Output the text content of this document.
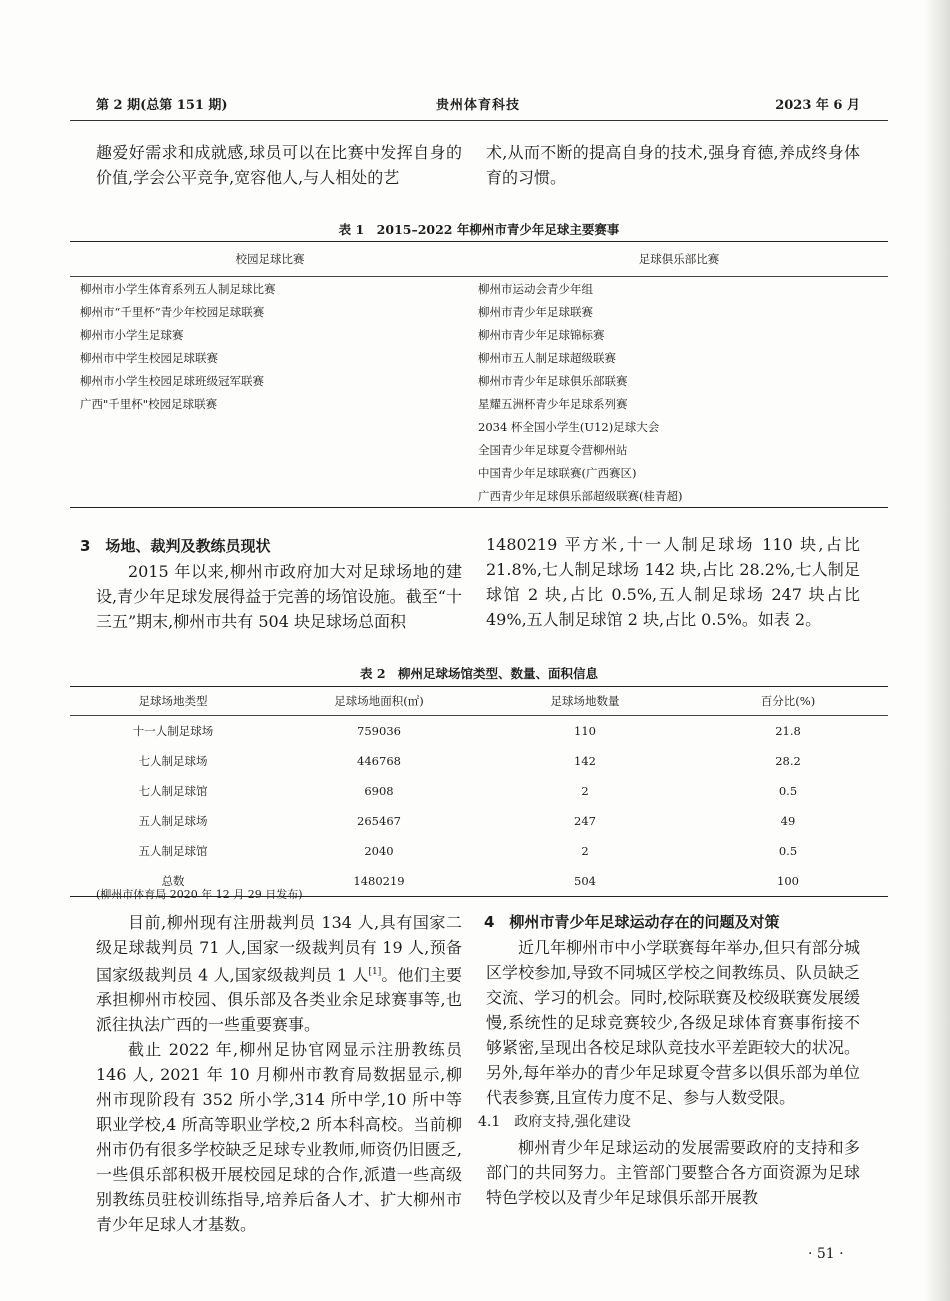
第 2 期(总第 151 期)	贵州体育科技	2023 年 6 月

趣爱好需求和成就感,球员可以在比赛中发挥自身的价值,学会公平竞争,宽容他人,与人相处的艺

术,从而不断的提高自身的技术,强身育德,养成终身体育的习惯。

表 1　2015–2022 年柳州市青少年足球主要赛事
校园足球比赛	足球俱乐部比赛
柳州市小学生体育系列五人制足球比赛	柳州市运动会青少年组
柳州市“千里杯”青少年校园足球联赛	柳州市青少年足球联赛
柳州市小学生足球赛	柳州市青少年足球锦标赛
柳州市中学生校园足球联赛	柳州市五人制足球超级联赛
柳州市小学生校园足球班级冠军联赛	柳州市青少年足球俱乐部联赛
广西"千里杯"校园足球联赛	星耀五洲杯青少年足球系列赛
	2034 杯全国小学生(U12)足球大会
	全国青少年足球夏令营柳州站
	中国青少年足球联赛(广西赛区)
	广西青少年足球俱乐部超级联赛(桂青超)

3　场地、裁判及教练员现状

2015 年以来,柳州市政府加大对足球场地的建设,青少年足球发展得益于完善的场馆设施。截至“十三五”期末,柳州市共有 504 块足球场总面积

1480219 平方米,十一人制足球场 110 块,占比 21.8%,七人制足球场 142 块,占比 28.2%,七人制足球馆 2 块,占比 0.5%,五人制足球场 247 块占比 49%,五人制足球馆 2 块,占比 0.5%。如表 2。

表 2　柳州足球场馆类型、数量、面积信息
足球场地类型	足球场地面积(㎡)	足球场地数量	百分比(%)
十一人制足球场	759036	110	21.8
七人制足球场	446768	142	28.2
七人制足球馆	6908	2	0.5
五人制足球场	265467	247	49
五人制足球馆	2040	2	0.5
总数	1480219	504	100
(柳州市体育局 2020 年 12 月 29 日发布)

目前,柳州现有注册裁判员 134 人,具有国家二级足球裁判员 71 人,国家一级裁判员有 19 人,预备国家级裁判员 4 人,国家级裁判员 1 人[1]。他们主要承担柳州市校园、俱乐部及各类业余足球赛事等,也派往执法广西的一些重要赛事。

截止 2022 年,柳州足协官网显示注册教练员 146 人, 2021 年 10 月柳州市教育局数据显示,柳州市现阶段有 352 所小学,314 所中学,10 所中等职业学校,4 所高等职业学校,2 所本科高校。当前柳州市仍有很多学校缺乏足球专业教师,师资仍旧匮乏,一些俱乐部积极开展校园足球的合作,派遣一些高级别教练员驻校训练指导,培养后备人才、扩大柳州市青少年足球人才基数。

4　柳州市青少年足球运动存在的问题及对策

近几年柳州市中小学联赛每年举办,但只有部分城区学校参加,导致不同城区学校之间教练员、队员缺乏交流、学习的机会。同时,校际联赛及校级联赛发展缓慢,系统性的足球竞赛较少,各级足球体育赛事衔接不够紧密,呈现出各校足球队竞技水平差距较大的状况。另外,每年举办的青少年足球夏令营多以俱乐部为单位代表参赛,且宣传力度不足、参与人数受限。

4.1　政府支持,强化建设

柳州青少年足球运动的发展需要政府的支持和多部门的共同努力。主管部门要整合各方面资源为足球特色学校以及青少年足球俱乐部开展教

· 51 ·
